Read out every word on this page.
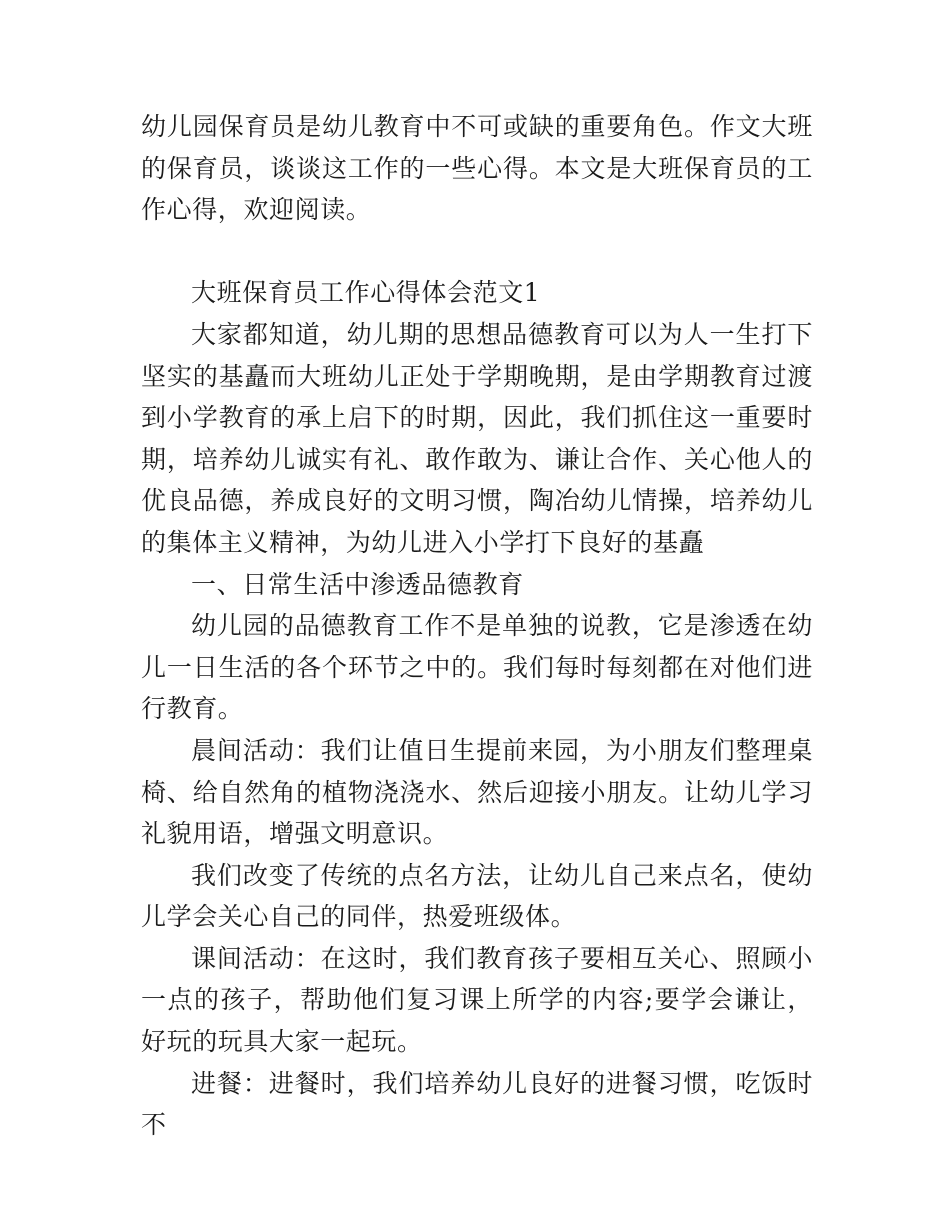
幼儿园保育员是幼儿教育中不可或缺的重要角色。作文大班的保育员，谈谈这工作的一些心得。本文是大班保育员的工作心得，欢迎阅读。

大班保育员工作心得体会范文1

大家都知道，幼儿期的思想品德教育可以为人一生打下坚实的基矗而大班幼儿正处于学期晚期，是由学期教育过渡到小学教育的承上启下的时期，因此，我们抓住这一重要时期，培养幼儿诚实有礼、敢作敢为、谦让合作、关心他人的优良品德，养成良好的文明习惯，陶冶幼儿情操，培养幼儿的集体主义精神，为幼儿进入小学打下良好的基矗

一、日常生活中渗透品德教育

幼儿园的品德教育工作不是单独的说教，它是渗透在幼儿一日生活的各个环节之中的。我们每时每刻都在对他们进行教育。

晨间活动：我们让值日生提前来园，为小朋友们整理桌椅、给自然角的植物浇浇水、然后迎接小朋友。让幼儿学习礼貌用语，增强文明意识。

我们改变了传统的点名方法，让幼儿自己来点名，使幼儿学会关心自己的同伴，热爱班级体。

课间活动：在这时，我们教育孩子要相互关心、照顾小一点的孩子，帮助他们复习课上所学的内容;要学会谦让，好玩的玩具大家一起玩。

进餐：进餐时，我们培养幼儿良好的进餐习惯，吃饭时不
